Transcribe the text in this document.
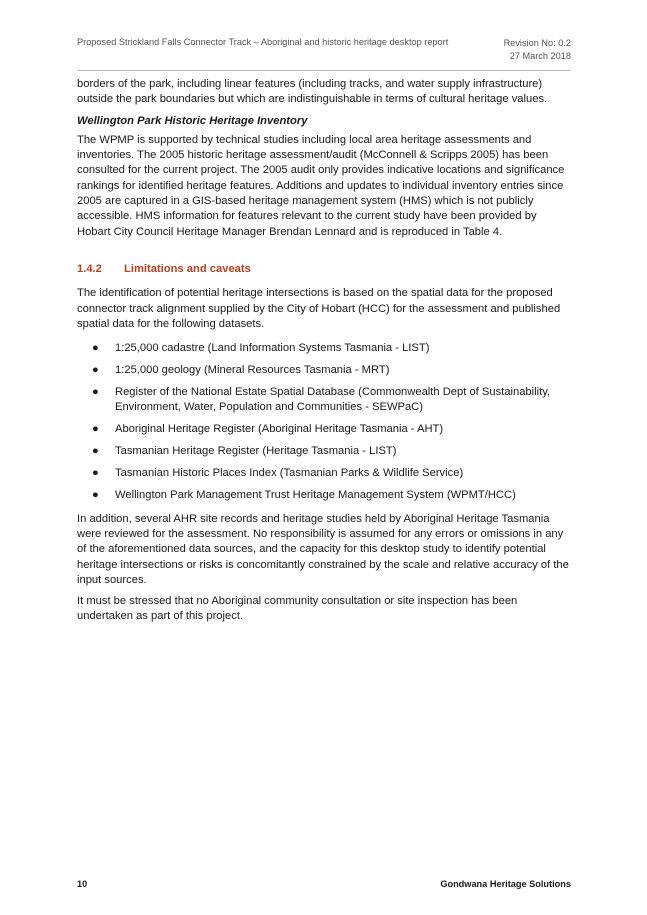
Proposed Strickland Falls Connector Track – Aboriginal and historic heritage desktop report	Revision No: 0.2
27 March 2018

borders of the park, including linear features (including tracks, and water supply infrastructure) outside the park boundaries but which are indistinguishable in terms of cultural heritage values.

Wellington Park Historic Heritage Inventory

The WPMP is supported by technical studies including local area heritage assessments and inventories. The 2005 historic heritage assessment/audit (McConnell & Scripps 2005) has been consulted for the current project. The 2005 audit only provides indicative locations and significance rankings for identified heritage features. Additions and updates to individual inventory entries since 2005 are captured in a GIS-based heritage management system (HMS) which is not publicly accessible. HMS information for features relevant to the current study have been provided by Hobart City Council Heritage Manager Brendan Lennard and is reproduced in Table 4.

1.4.2 Limitations and caveats

The identification of potential heritage intersections is based on the spatial data for the proposed connector track alignment supplied by the City of Hobart (HCC) for the assessment and published spatial data for the following datasets.

● 1:25,000 cadastre (Land Information Systems Tasmania - LIST)
● 1:25,000 geology (Mineral Resources Tasmania - MRT)
● Register of the National Estate Spatial Database (Commonwealth Dept of Sustainability, Environment, Water, Population and Communities - SEWPaC)
● Aboriginal Heritage Register (Aboriginal Heritage Tasmania - AHT)
● Tasmanian Heritage Register (Heritage Tasmania - LIST)
● Tasmanian Historic Places Index (Tasmanian Parks & Wildlife Service)
● Wellington Park Management Trust Heritage Management System (WPMT/HCC)

In addition, several AHR site records and heritage studies held by Aboriginal Heritage Tasmania were reviewed for the assessment. No responsibility is assumed for any errors or omissions in any of the aforementioned data sources, and the capacity for this desktop study to identify potential heritage intersections or risks is concomitantly constrained by the scale and relative accuracy of the input sources.

It must be stressed that no Aboriginal community consultation or site inspection has been undertaken as part of this project.

10	Gondwana Heritage Solutions
